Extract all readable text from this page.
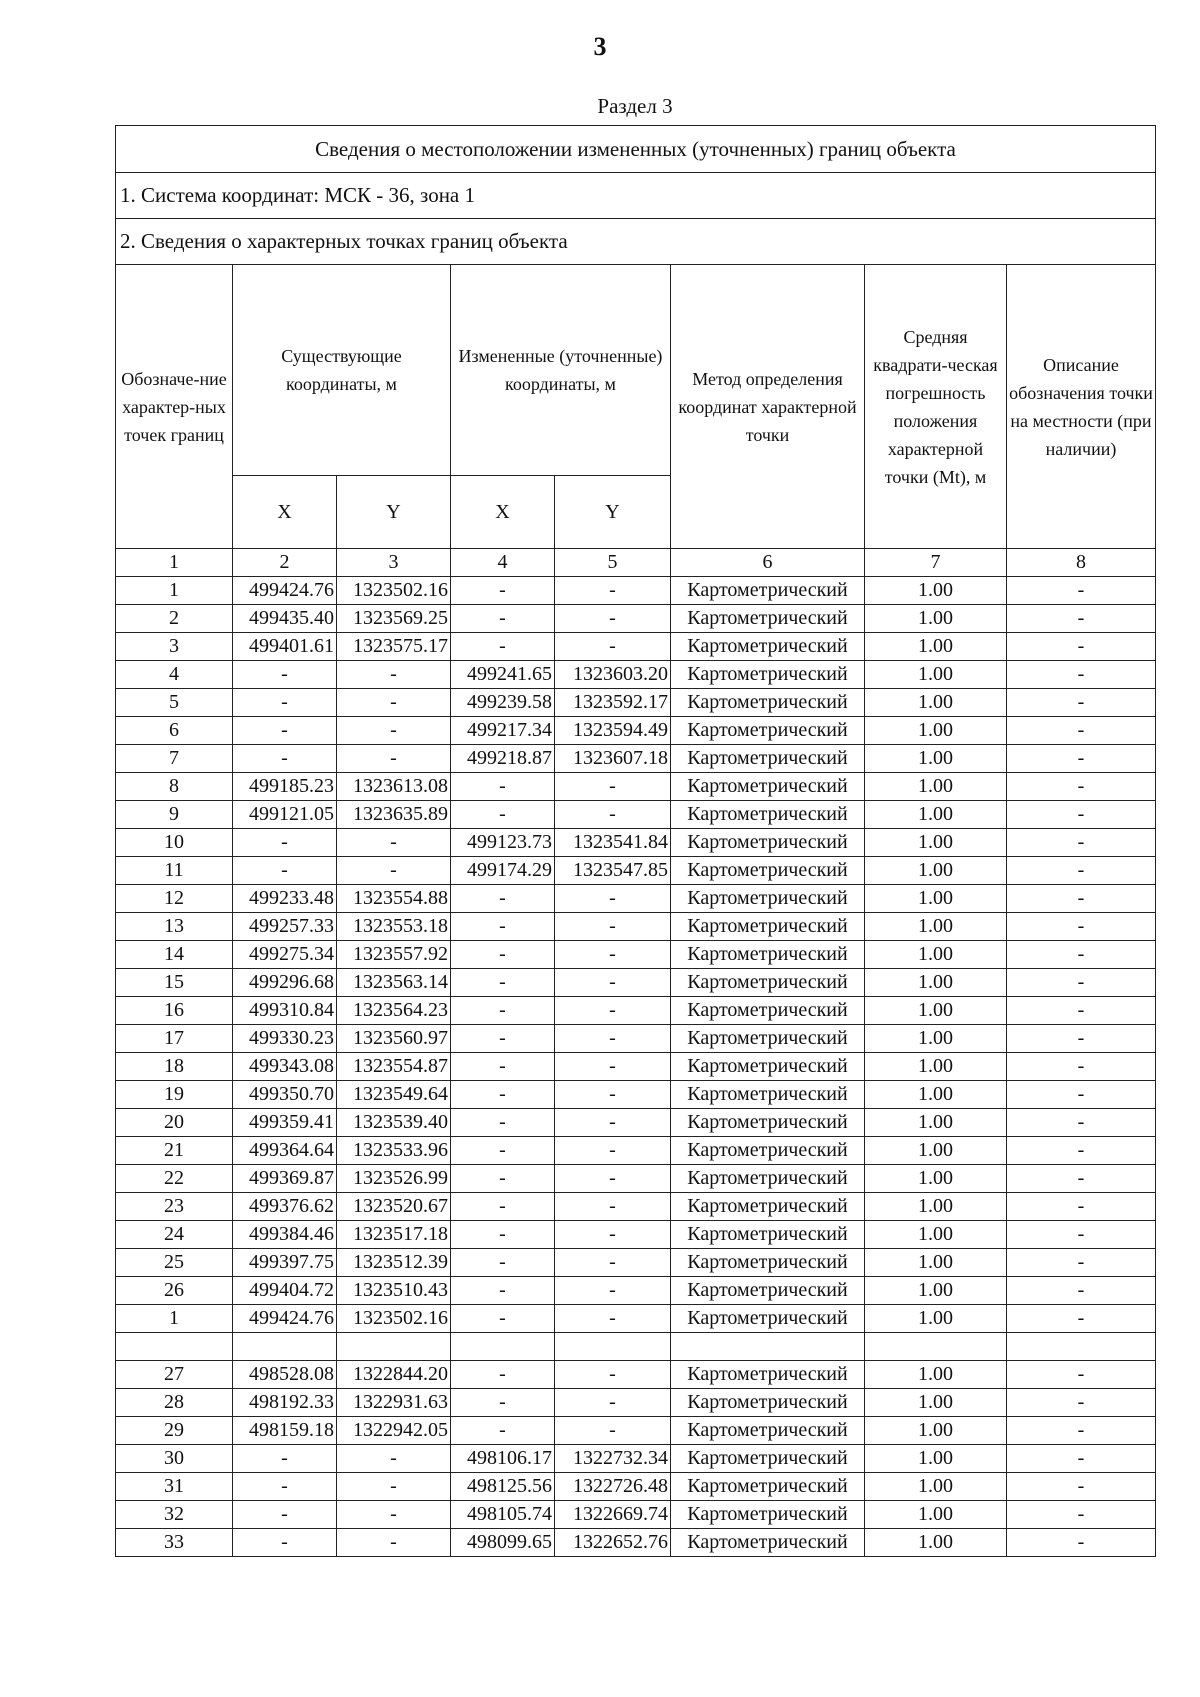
3
Раздел 3
Сведения о местоположении измененных (уточненных) границ объекта							
1. Система координат: МСК - 36, зона 1							
2. Сведения о характерных точках границ объекта							
Обозначе-ние характер-ных точек границ	Существующие координаты, м		Измененные (уточненные) координаты, м		Метод определения координат характерной точки	Средняя квадрати-ческая погрешность положения характерной точки (Mt), м	Описание обозначения точки на местности (при наличии)
	X	Y	X	Y			
1	2	3	4	5	6	7	8
1	499424.76	1323502.16	-	-	Картометрический	1.00	-
2	499435.40	1323569.25	-	-	Картометрический	1.00	-
3	499401.61	1323575.17	-	-	Картометрический	1.00	-
4	-	-	499241.65	1323603.20	Картометрический	1.00	-
5	-	-	499239.58	1323592.17	Картометрический	1.00	-
6	-	-	499217.34	1323594.49	Картометрический	1.00	-
7	-	-	499218.87	1323607.18	Картометрический	1.00	-
8	499185.23	1323613.08	-	-	Картометрический	1.00	-
9	499121.05	1323635.89	-	-	Картометрический	1.00	-
10	-	-	499123.73	1323541.84	Картометрический	1.00	-
11	-	-	499174.29	1323547.85	Картометрический	1.00	-
12	499233.48	1323554.88	-	-	Картометрический	1.00	-
13	499257.33	1323553.18	-	-	Картометрический	1.00	-
14	499275.34	1323557.92	-	-	Картометрический	1.00	-
15	499296.68	1323563.14	-	-	Картометрический	1.00	-
16	499310.84	1323564.23	-	-	Картометрический	1.00	-
17	499330.23	1323560.97	-	-	Картометрический	1.00	-
18	499343.08	1323554.87	-	-	Картометрический	1.00	-
19	499350.70	1323549.64	-	-	Картометрический	1.00	-
20	499359.41	1323539.40	-	-	Картометрический	1.00	-
21	499364.64	1323533.96	-	-	Картометрический	1.00	-
22	499369.87	1323526.99	-	-	Картометрический	1.00	-
23	499376.62	1323520.67	-	-	Картометрический	1.00	-
24	499384.46	1323517.18	-	-	Картометрический	1.00	-
25	499397.75	1323512.39	-	-	Картометрический	1.00	-
26	499404.72	1323510.43	-	-	Картометрический	1.00	-
1	499424.76	1323502.16	-	-	Картометрический	1.00	-

27	498528.08	1322844.20	-	-	Картометрический	1.00	-
28	498192.33	1322931.63	-	-	Картометрический	1.00	-
29	498159.18	1322942.05	-	-	Картометрический	1.00	-
30	-	-	498106.17	1322732.34	Картометрический	1.00	-
31	-	-	498125.56	1322726.48	Картометрический	1.00	-
32	-	-	498105.74	1322669.74	Картометрический	1.00	-
33	-	-	498099.65	1322652.76	Картометрический	1.00	-
